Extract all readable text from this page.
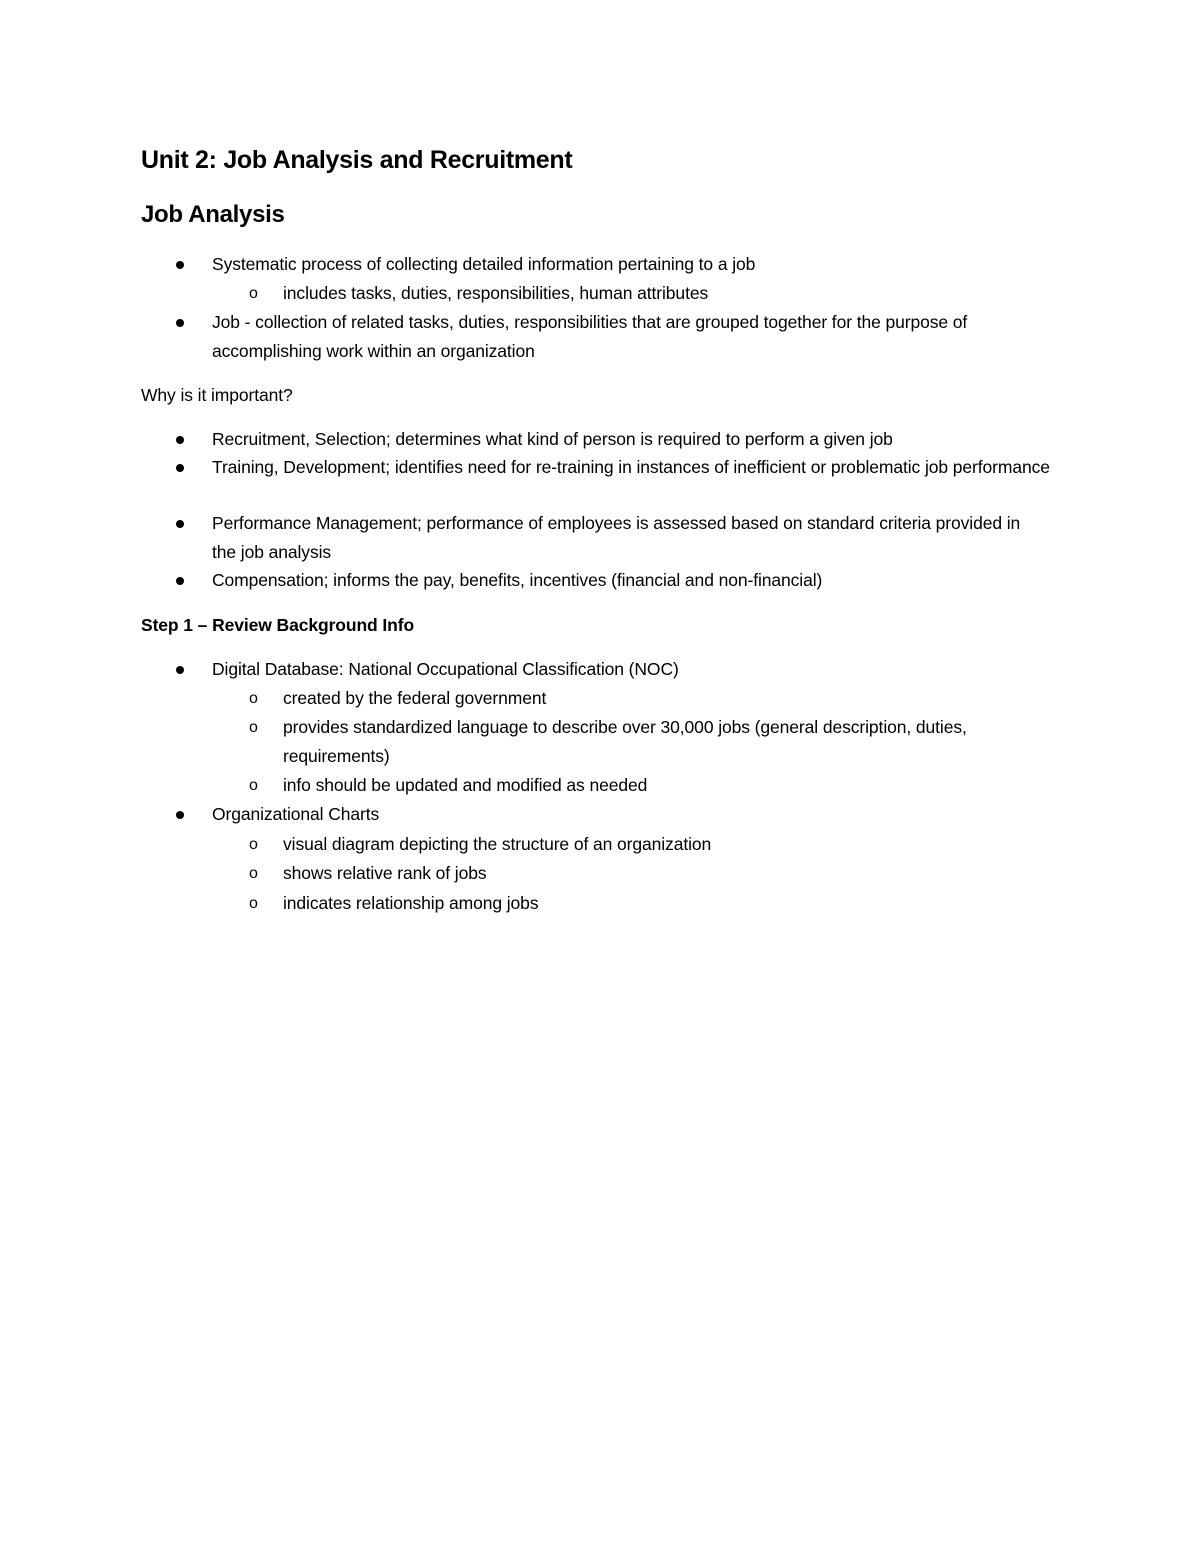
Unit 2: Job Analysis and Recruitment
Job Analysis
Systematic process of collecting detailed information pertaining to a job
o includes tasks, duties, responsibilities, human attributes
Job - collection of related tasks, duties, responsibilities that are grouped together for the purpose of accomplishing work within an organization
Why is it important?
Recruitment, Selection; determines what kind of person is required to perform a given job
Training, Development; identifies need for re-training in instances of inefficient or problematic job performance
Performance Management; performance of employees is assessed based on standard criteria provided in the job analysis
Compensation; informs the pay, benefits, incentives (financial and non-financial)
Step 1 – Review Background Info
Digital Database: National Occupational Classification (NOC)
o created by the federal government
o provides standardized language to describe over 30,000 jobs (general description, duties, requirements)
o info should be updated and modified as needed
Organizational Charts
o visual diagram depicting the structure of an organization
o shows relative rank of jobs
o indicates relationship among jobs
